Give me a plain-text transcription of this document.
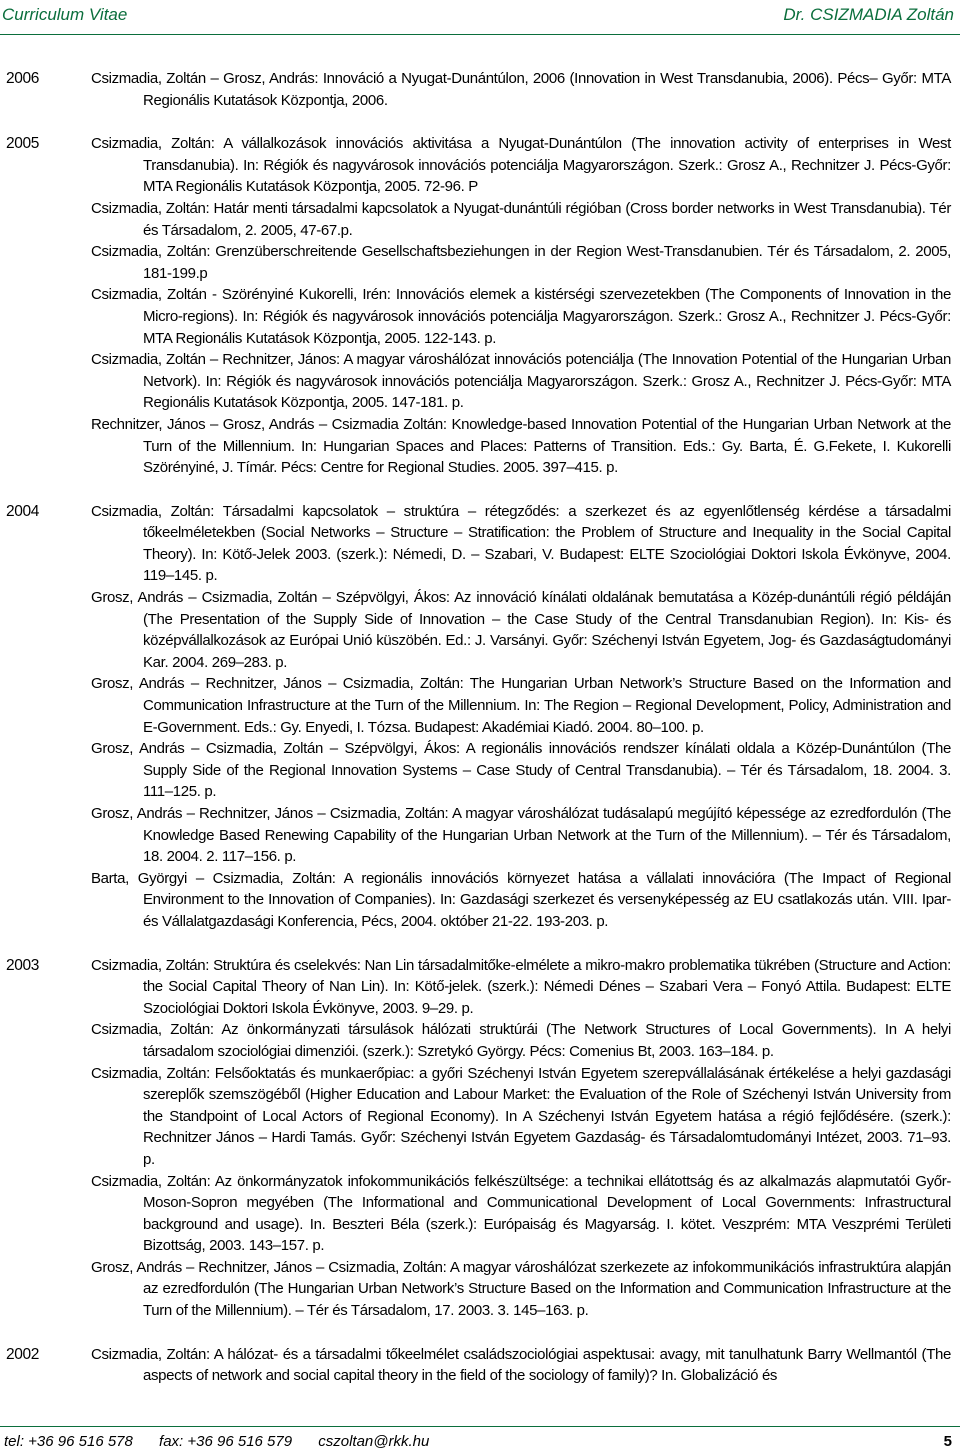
Curriculum Vitae	Dr. CSIZMADIA Zoltán
2006	Csizmadia, Zoltán – Grosz, András: Innováció a Nyugat-Dunántúlon, 2006 (Innovation in West Transdanubia, 2006). Pécs– Győr: MTA Regionális Kutatások Központja, 2006.
2005	Csizmadia, Zoltán: A vállalkozások innovációs aktivitása a Nyugat-Dunántúlon (The innovation activity of enterprises in West Transdanubia). In: Régiók és nagyvárosok innovációs potenciálja Magyarországon. Szerk.: Grosz A., Rechnitzer J. Pécs-Győr: MTA Regionális Kutatások Központja, 2005. 72-96. P
Csizmadia, Zoltán: Határ menti társadalmi kapcsolatok a Nyugat-dunántúli régióban (Cross border networks in West Transdanubia). Tér és Társadalom, 2. 2005, 47-67.p.
Csizmadia, Zoltán: Grenzüberschreitende Gesellschaftsbeziehungen in der Region West-Transdanubien. Tér és Társadalom, 2. 2005, 181-199.p
Csizmadia, Zoltán - Szörényiné Kukorelli, Irén: Innovációs elemek a kistérségi szervezetekben (The Components of Innovation in the Micro-regions). In: Régiók és nagyvárosok innovációs potenciálja Magyarországon. Szerk.: Grosz A., Rechnitzer J. Pécs-Győr: MTA Regionális Kutatások Központja, 2005. 122-143. p.
Csizmadia, Zoltán – Rechnitzer, János: A magyar városhálózat innovációs potenciálja (The Innovation Potential of the Hungarian Urban Netvork). In: Régiók és nagyvárosok innovációs potenciálja Magyarországon. Szerk.: Grosz A., Rechnitzer J. Pécs-Győr: MTA Regionális Kutatások Központja, 2005. 147-181. p.
Rechnitzer, János – Grosz, András – Csizmadia Zoltán: Knowledge-based Innovation Potential of the Hungarian Urban Network at the Turn of the Millennium. In: Hungarian Spaces and Places: Patterns of Transition. Eds.: Gy. Barta, É. G.Fekete, I. Kukorelli Szörényiné, J. Tímár. Pécs: Centre for Regional Studies. 2005. 397–415. p.
2004	Csizmadia, Zoltán: Társadalmi kapcsolatok – struktúra – rétegződés: a szerkezet és az egyenlőtlenség kérdése a társadalmi tőkeelméletekben (Social Networks – Structure – Stratification: the Problem of Structure and Inequality in the Social Capital Theory). In: Kötő-Jelek 2003. (szerk.): Némedi, D. – Szabari, V. Budapest: ELTE Szociológiai Doktori Iskola Évkönyve, 2004. 119–145. p.
Grosz, András – Csizmadia, Zoltán – Szépvölgyi, Ákos: Az innováció kínálati oldalának bemutatása a Közép-dunántúli régió példáján (The Presentation of the Supply Side of Innovation – the Case Study of the Central Transdanubian Region). In: Kis- és középvállalkozások az Európai Unió küszöbén. Ed.: J. Varsányi. Győr: Széchenyi István Egyetem, Jog- és Gazdaságtudományi Kar. 2004. 269–283. p.
Grosz, András – Rechnitzer, János – Csizmadia, Zoltán: The Hungarian Urban Network’s Structure Based on the Information and Communication Infrastructure at the Turn of the Millennium. In: The Region – Regional Development, Policy, Administration and E-Government. Eds.: Gy. Enyedi, I. Tózsa. Budapest: Akadémiai Kiadó. 2004. 80–100. p.
Grosz, András – Csizmadia, Zoltán – Szépvölgyi, Ákos: A regionális innovációs rendszer kínálati oldala a Közép-Dunántúlon (The Supply Side of the Regional Innovation Systems – Case Study of Central Transdanubia). – Tér és Társadalom, 18. 2004. 3. 111–125. p.
Grosz, András – Rechnitzer, János – Csizmadia, Zoltán: A magyar városhálózat tudásalapú megújító képessége az ezredfordulón (The Knowledge Based Renewing Capability of the Hungarian Urban Network at the Turn of the Millennium). – Tér és Társadalom, 18. 2004. 2. 117–156. p.
Barta, Györgyi – Csizmadia, Zoltán: A regionális innovációs környezet hatása a vállalati innovációra (The Impact of Regional Environment to the Innovation of Companies). In: Gazdasági szerkezet és versenyképesség az EU csatlakozás után. VIII. Ipar-és Vállalatgazdasági Konferencia, Pécs, 2004. október 21-22. 193-203. p.
2003	Csizmadia, Zoltán: Struktúra és cselekvés: Nan Lin társadalmitőke-elmélete a mikro-makro problematika tükrében (Structure and Action: the Social Capital Theory of Nan Lin). In: Kötő-jelek. (szerk.): Némedi Dénes – Szabari Vera – Fonyó Attila. Budapest: ELTE Szociológiai Doktori Iskola Évkönyve, 2003. 9–29. p.
Csizmadia, Zoltán: Az önkormányzati társulások hálózati struktúrái (The Network Structures of Local Governments). In A helyi társadalom szociológiai dimenziói. (szerk.): Szretykó György. Pécs: Comenius Bt, 2003. 163–184. p.
Csizmadia, Zoltán: Felsőoktatás és munkaerőpiac: a győri Széchenyi István Egyetem szerepvállalásának értékelése a helyi gazdasági szereplők szemszögéből (Higher Education and Labour Market: the Evaluation of the Role of Széchenyi István University from the Standpoint of Local Actors of Regional Economy). In A Széchenyi István Egyetem hatása a régió fejlődésére. (szerk.): Rechnitzer János – Hardi Tamás. Győr: Széchenyi István Egyetem Gazdaság- és Társadalomtudományi Intézet, 2003. 71–93. p.
Csizmadia, Zoltán: Az önkormányzatok infokommunikációs felkészültsége: a technikai ellátottság és az alkalmazás alapmutatói Győr-Moson-Sopron megyében (The Informational and Communicational Development of Local Governments: Infrastructural background and usage). In. Beszteri Béla (szerk.): Európaiság és Magyarság. I. kötet. Veszprém: MTA Veszprémi Területi Bizottság, 2003. 143–157. p.
Grosz, András – Rechnitzer, János – Csizmadia, Zoltán: A magyar városhálózat szerkezete az infokommunikációs infrastruktúra alapján az ezredfordulón (The Hungarian Urban Network’s Structure Based on the Information and Communication Infrastructure at the Turn of the Millennium). – Tér és Társadalom, 17. 2003. 3. 145–163. p.
2002	Csizmadia, Zoltán: A hálózat- és a társadalmi tőkeelmélet családszociológiai aspektusai: avagy, mit tanulhatunk Barry Wellmantól (The aspects of network and social capital theory in the field of the sociology of family)? In. Globalizáció és
tel: +36 96 516 578 fax: +36 96 516 579 cszoltan@rkk.hu	5
